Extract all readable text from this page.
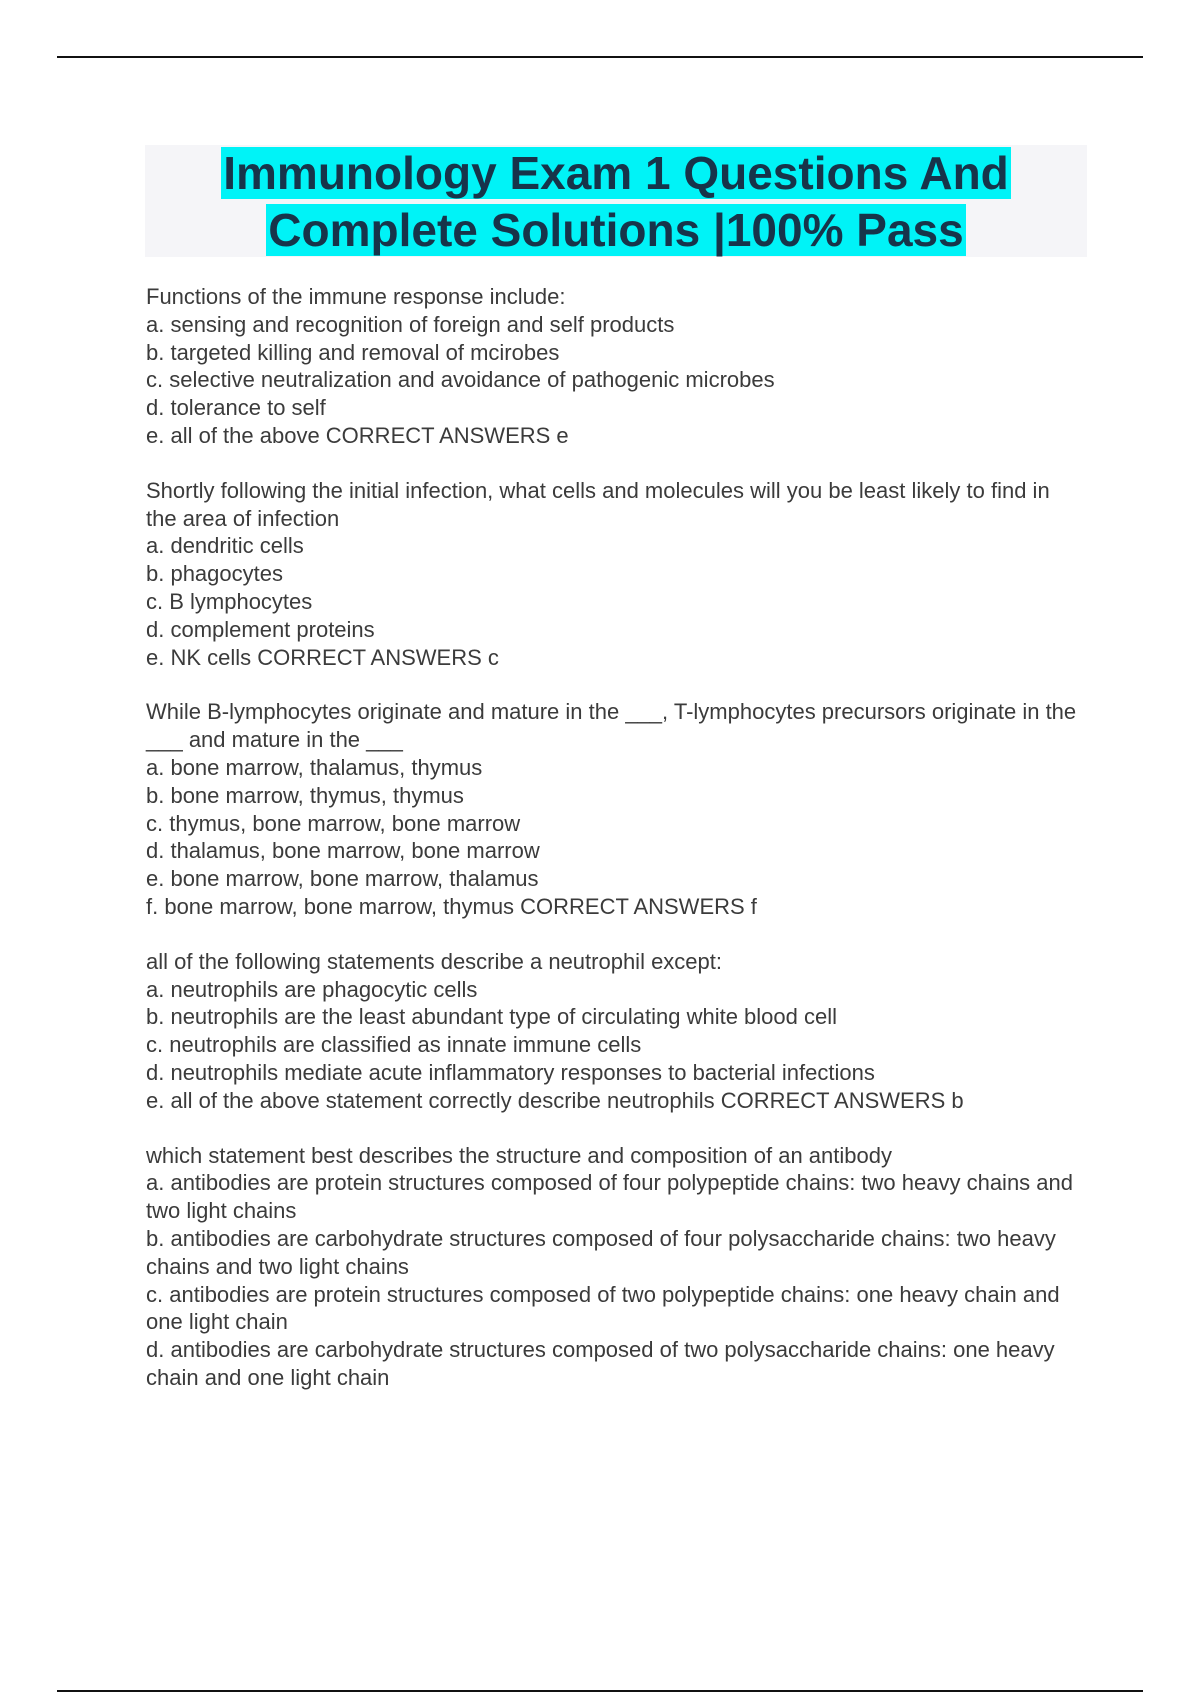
Immunology Exam 1 Questions And
Complete Solutions |100% Pass
Functions of the immune response include:
a. sensing and recognition of foreign and self products
b. targeted killing and removal of mcirobes
c. selective neutralization and avoidance of pathogenic microbes
d. tolerance to self
e. all of the above CORRECT ANSWERS e
Shortly following the initial infection, what cells and molecules will you be least likely to find in the area of infection
a. dendritic cells
b. phagocytes
c. B lymphocytes
d. complement proteins
e. NK cells CORRECT ANSWERS c
While B-lymphocytes originate and mature in the ___, T-lymphocytes precursors originate in the ___ and mature in the ___
a. bone marrow, thalamus, thymus
b. bone marrow, thymus, thymus
c. thymus, bone marrow, bone marrow
d. thalamus, bone marrow, bone marrow
e. bone marrow, bone marrow, thalamus
f. bone marrow, bone marrow, thymus CORRECT ANSWERS f
all of the following statements describe a neutrophil except:
a. neutrophils are phagocytic cells
b. neutrophils are the least abundant type of circulating white blood cell
c. neutrophils are classified as innate immune cells
d. neutrophils mediate acute inflammatory responses to bacterial infections
e. all of the above statement correctly describe neutrophils CORRECT ANSWERS b
which statement best describes the structure and composition of an antibody
a. antibodies are protein structures composed of four polypeptide chains: two heavy chains and two light chains
b. antibodies are carbohydrate structures composed of four polysaccharide chains: two heavy chains and two light chains
c. antibodies are protein structures composed of two polypeptide chains: one heavy chain and one light chain
d. antibodies are carbohydrate structures composed of two polysaccharide chains: one heavy chain and one light chain
